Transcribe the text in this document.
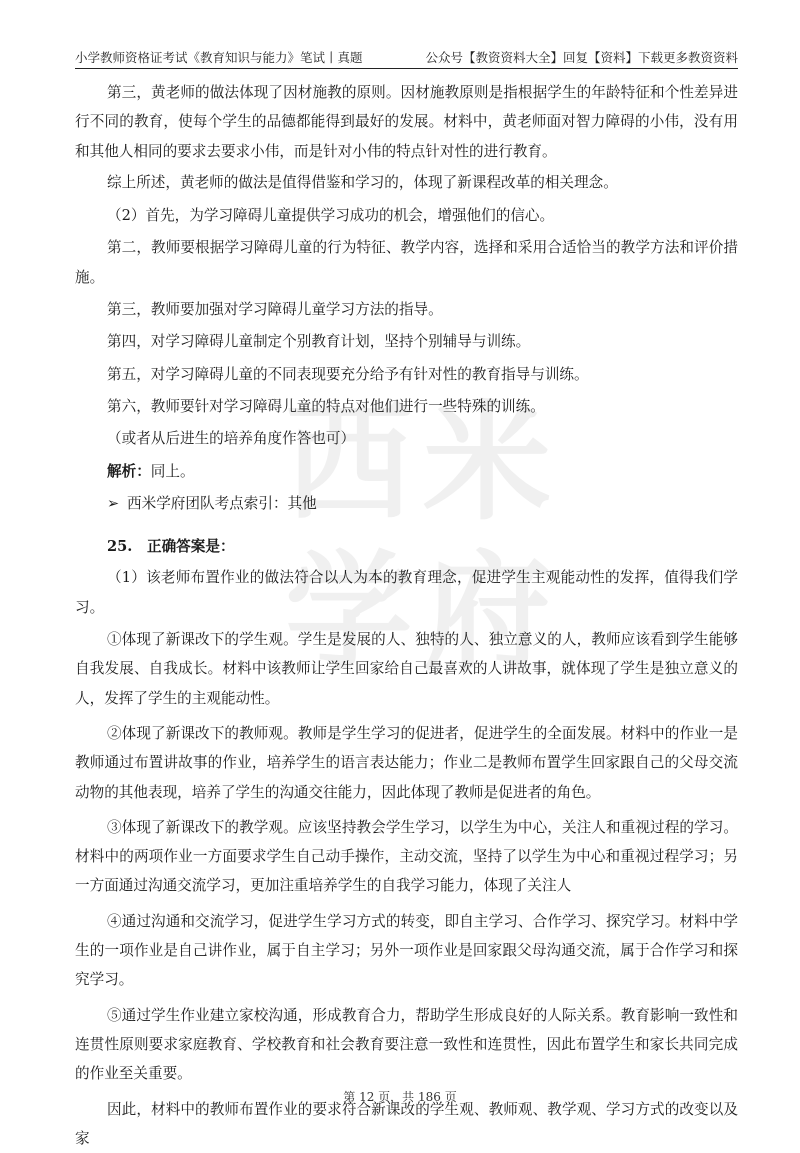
小学教师资格证考试《教育知识与能力》笔试丨真题	公众号【教资资料大全】回复【资料】下载更多教资资料
西 米
学 府

第三，黄老师的做法体现了因材施教的原则。因材施教原则是指根据学生的年龄特征和个性差异进行不同的教育，使每个学生的品德都能得到最好的发展。材料中，黄老师面对智力障碍的小伟，没有用和其他人相同的要求去要求小伟，而是针对小伟的特点针对性的进行教育。

综上所述，黄老师的做法是值得借鉴和学习的，体现了新课程改革的相关理念。

（2）首先，为学习障碍儿童提供学习成功的机会，增强他们的信心。

第二，教师要根据学习障碍儿童的行为特征、教学内容，选择和采用合适恰当的教学方法和评价措施。

第三，教师要加强对学习障碍儿童学习方法的指导。

第四，对学习障碍儿童制定个别教育计划，坚持个别辅导与训练。

第五，对学习障碍儿童的不同表现要充分给予有针对性的教育指导与训练。

第六，教师要针对学习障碍儿童的特点对他们进行一些特殊的训练。

（或者从后进生的培养角度作答也可）

解析：同上。

➢ 西米学府团队考点索引：其他

25.　正确答案是：

（1）该老师布置作业的做法符合以人为本的教育理念，促进学生主观能动性的发挥，值得我们学习。

①体现了新课改下的学生观。学生是发展的人、独特的人、独立意义的人，教师应该看到学生能够自我发展、自我成长。材料中该教师让学生回家给自己最喜欢的人讲故事，就体现了学生是独立意义的人，发挥了学生的主观能动性。

②体现了新课改下的教师观。教师是学生学习的促进者，促进学生的全面发展。材料中的作业一是教师通过布置讲故事的作业，培养学生的语言表达能力；作业二是教师布置学生回家跟自己的父母交流动物的其他表现，培养了学生的沟通交往能力，因此体现了教师是促进者的角色。

③体现了新课改下的教学观。应该坚持教会学生学习，以学生为中心，关注人和重视过程的学习。材料中的两项作业一方面要求学生自己动手操作，主动交流，坚持了以学生为中心和重视过程学习；另一方面通过沟通交流学习，更加注重培养学生的自我学习能力，体现了关注人

④通过沟通和交流学习，促进学生学习方式的转变，即自主学习、合作学习、探究学习。材料中学生的一项作业是自己讲作业，属于自主学习；另外一项作业是回家跟父母沟通交流，属于合作学习和探究学习。

⑤通过学生作业建立家校沟通，形成教育合力，帮助学生形成良好的人际关系。教育影响一致性和连贯性原则要求家庭教育、学校教育和社会教育要注意一致性和连贯性，因此布置学生和家长共同完成的作业至关重要。

因此，材料中的教师布置作业的要求符合新课改的学生观、教师观、教学观、学习方式的改变以及家

第 12 页，共 186 页
